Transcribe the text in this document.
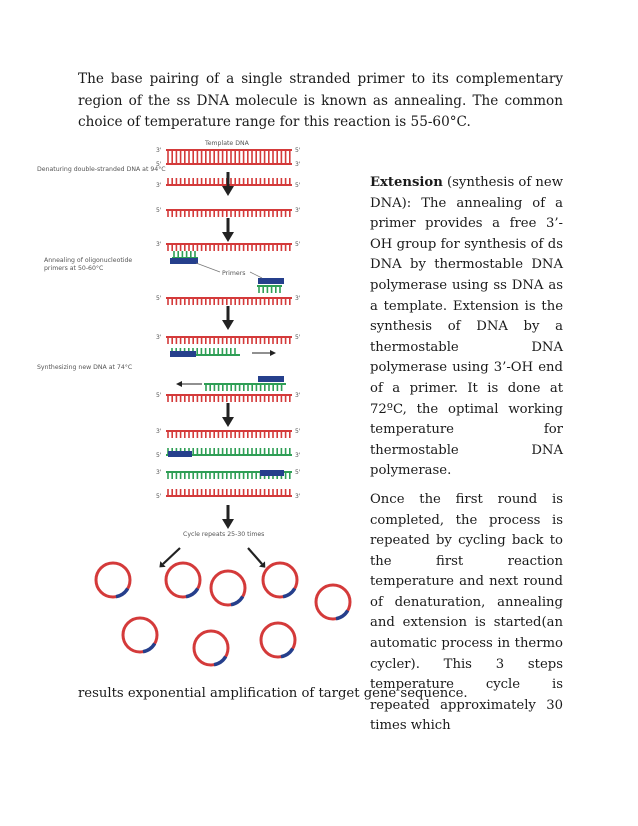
The base pairing of a single stranded primer to its complementary region of the ss DNA molecule is known as annealing. The common choice of temperature range for this reaction is 55-60°C.

3'	5'
5'	3'
3'	5'
5'	3'
3'	5'
5'	3'
3'	5'
5'	3'
3'	5'
5'	3'
3'	5'
5'	3'
Template DNA
Denaturing double-stranded DNA at 94°C
Annealing of oligonucleotide primers at 50-60°C
Primers
Synthesizing new DNA at 74°C
Cycle repeats 25-30 times

Extension (synthesis of new DNA): The annealing of a primer provides a free 3’-OH group for synthesis of ds DNA by thermostable DNA polymerase using ss DNA as a template. Extension is the synthesis of DNA by a thermostable DNA polymerase using 3’-OH end of a primer. It is done at 72ºC, the optimal working temperature for thermostable DNA polymerase.

Once the first round is completed, the process is repeated by cycling back to the first reaction temperature and next round of denaturation, annealing and extension is started(an automatic process in thermo cycler). This 3 steps temperature cycle is repeated approximately 30 times which

results exponential amplification of target gene sequence.
